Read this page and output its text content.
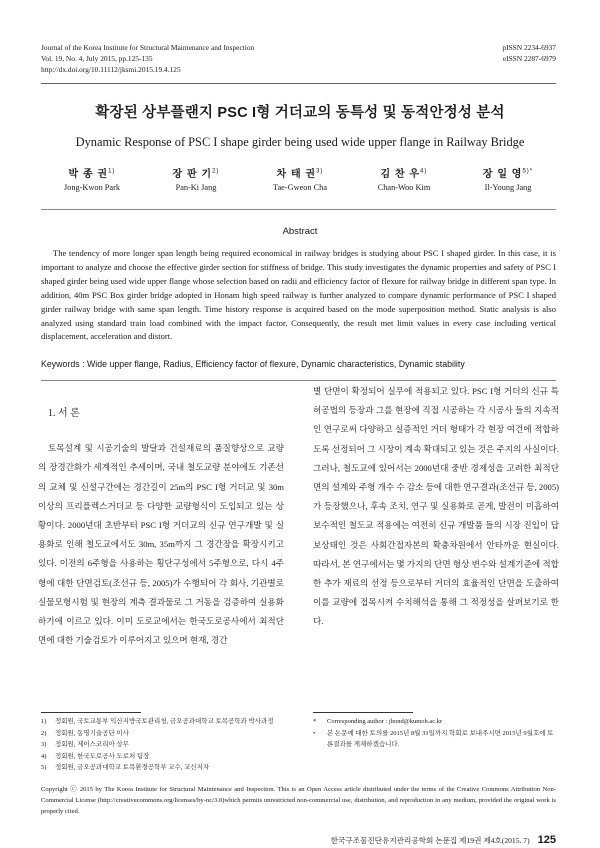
Journal of the Korea Institute for Structural Maintenance and Inspection
Vol. 19, No. 4, July 2015, pp.125-135
http://dx.doi.org/10.11112/jksmi.2015.19.4.125
pISSN 2234-6937
eISSN 2287-6979
확장된 상부플랜지 PSC I형 거더교의 동특성 및 동적안정성 분석
Dynamic Response of PSC I shape girder being used wide upper flange in Railway Bridge
박 종 권$^{1)}$
Jong-Kwon Park
장 판 기$^{2)}$
Pan-Ki Jang
차 태 권$^{3)}$
Tae-Gweon Cha
김 찬 우$^{4)}$
Chan-Woo Kim
장 일 영$^{5)*}$
Il-Young Jang
Abstract
The tendency of more longer span length being required economical in railway bridges is studying about PSC I shaped girder. In this case, it is important to analyze and choose the effective girder section for stiffness of bridge. This study investigates the dynamic properties and safety of PSC I shaped girder being used wide upper flange whose selection based on radii and efficiency factor of flexure for railway bridge in different span type. In addition, 40m PSC Box girder bridge adopted in Honam high speed railway is further analyzed to compare dynamic performance of PSC I shaped girder railway bridge with same span length. Time history response is acquired based on the mode superposition method. Static analysis is also analyzed using standard train load combined with the impact factor. Consequently, the result met limit values in every case including vertical displacement, acceleration and distort.
Keywords : Wide upper flange, Radius, Efficiency factor of flexure, Dynamic characteristics, Dynamic stability
1. 서 론
토목설계 및 시공기술의 발달과 건설재료의 품질향상으로 교량의 장경간화가 세계적인 추세이며, 국내 철도교량 분야에도 기존선의 교체 및 신설구간에는 경간길이 25m의 PSC I형 거더교 및 30m 이상의 프리플렉스거더교 등 다양한 교량형식이 도입되고 있는 상황이다. 2000년대 초반부터 PSC I형 거더교의 신규 연구개발 및 실용화로 인해 철도교에서도 30m, 35m까지 그 경간장을 확장시키고 있다. 이전의 6주형을 사용하는 횡단구성에서 5주형으로, 다시 4주형에 대한 단면검토(조선규 등, 2005)가 수행되어 각 회사, 기관별로 실물모형시험 및 현장의 계측 결과물로 그 거동을 검증하여 실용화하기에 이르고 있다. 이미 도로교에서는 한국도로공사에서 최적단면에 대한 기술검토가 이루어지고 있으며 현재, 경간
별 단면이 확정되어 실무에 적용되고 있다. PSC I형 거더의 신규 특허공법의 등장과 그를 현장에 직접 시공하는 각 시공사 들의 지속적인 연구로써 다양하고 실증적인 거더 형태가 각 현장 여건에 적합하도록 선정되어 그 시장이 계속 확대되고 있는 것은 주지의 사실이다. 그러나, 철도교에 있어서는 2000년대 중반 경제성을 고려한 최적단면의 설계와 주형 개수 수 감소 등에 대한 연구결과(조선규 등, 2005)가 등장했으나, 후속 조치, 연구 및 실용화로 곧게, 발전이 미흡하여 보수적인 철도교 적용에는 여전히 신규 개발품 들의 시장 진입이 답보상태인 것은 사회간접자본의 확충차원에서 안타까운 현실이다. 따라서, 본 연구에서는 몇 가지의 단면 형상 변수와 설계기준에 적합한 추가 재료의 선정 등으로부터 거더의 효율적인 단면을 도출하여 이를 교량에 접목시켜 수치해석을 통해 그 적정성을 살펴보기로 한다.
1)	정회원, 국토교통부 익산지방국토관리청, 금오공과대학교 토목공학과 박사과정
2)	정회원, 동명기술공단 이사
3)	정회원, 제이스코리아 상무
4)	정회원, 한국도로공사 도로처 팀장
5)	정회원, 금오공과대학교 토목환경공학부 교수, 교신저자
*	Corresponding author : jbond@kumoh.ac.kr
•	본 논문에 대한 토의를 2015년 8월 31일까지 학회로 보내주시면 2015년 9월호에 토론결과를 게재하겠습니다.
Copyright ⓒ 2015 by The Korea Institute for Structural Maintenance and Inspection. This is an Open Access article distributed under the terms of the Creative Commons Attribution Non-Commercial License (http://creativecommons.org/licenses/by-nc/3.0)which permits unrestricted non-commercial use, distribution, and reproduction in any medium, provided the original work is properly cited.
한국구조물진단유지관리공학회 논문집 제19권 제4호(2015. 7) 125
